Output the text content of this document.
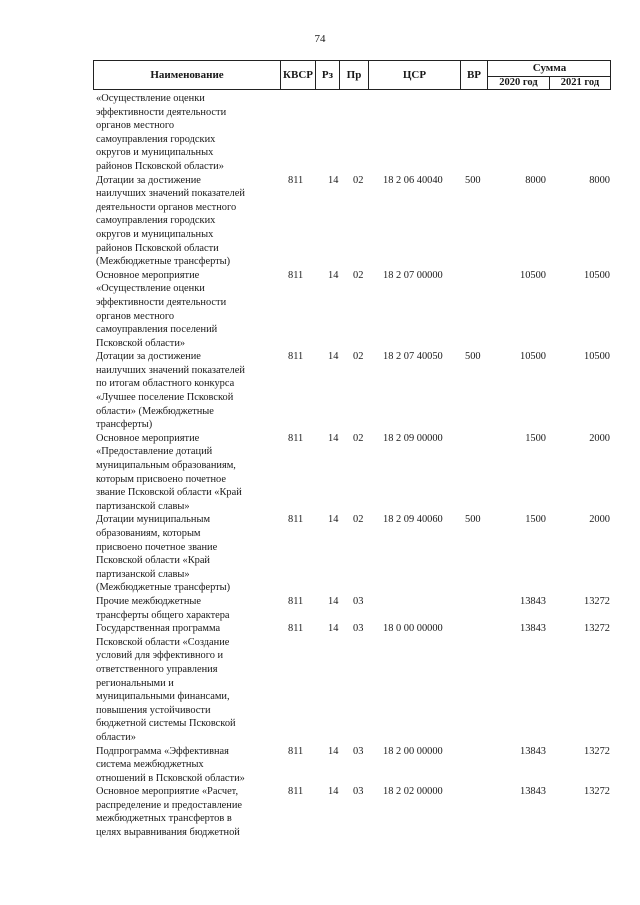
74
Наименование	КВСР Рз	Пр	ЦСР	ВР
Сумма
2020 год	2021 год
«Осуществление оценки
эффективности деятельности
органов местного
самоуправления городских
округов и муниципальных
районов Псковской области»
Дотации за достижение
наилучших значений показателей
деятельности органов местного
самоуправления городских
округов и муниципальных
районов Псковской области
(Межбюджетные трансферты)
811 14 02 18 2 06 40040 500	8000	8000
Основное мероприятие
«Осуществление оценки
эффективности деятельности
органов местного
самоуправления поселений
Псковской области»
811 14 02 18 2 07 00000	10500	10500
Дотации за достижение
наилучших значений показателей
по итогам областного конкурса
«Лучшее поселение Псковской
области» (Межбюджетные
трансферты)
811 14 02 18 2 07 40050 500	10500	10500
Основное мероприятие
«Предоставление дотаций
муниципальным образованиям,
которым присвоено почетное
звание Псковской области «Край
партизанской славы»
811 14 02 18 2 09 00000	1500	2000
Дотации муниципальным
образованиям, которым
присвоено почетное звание
Псковской области «Край
партизанской славы»
(Межбюджетные трансферты)
811 14 02 18 2 09 40060 500	1500	2000
Прочие межбюджетные
трансферты общего характера
811 14 03	13843	13272
Государственная программа
Псковской области «Создание
условий для эффективного и
ответственного управления
региональными и
муниципальными финансами,
повышения устойчивости
бюджетной системы Псковской
области»
811 14 03 18 0 00 00000	13843	13272
Подпрограмма «Эффективная
система межбюджетных
отношений в Псковской области»
811 14 03 18 2 00 00000	13843	13272
Основное мероприятие «Расчет,
распределение и предоставление
межбюджетных трансфертов в
целях выравнивания бюджетной
811 14 03 18 2 02 00000	13843	13272
